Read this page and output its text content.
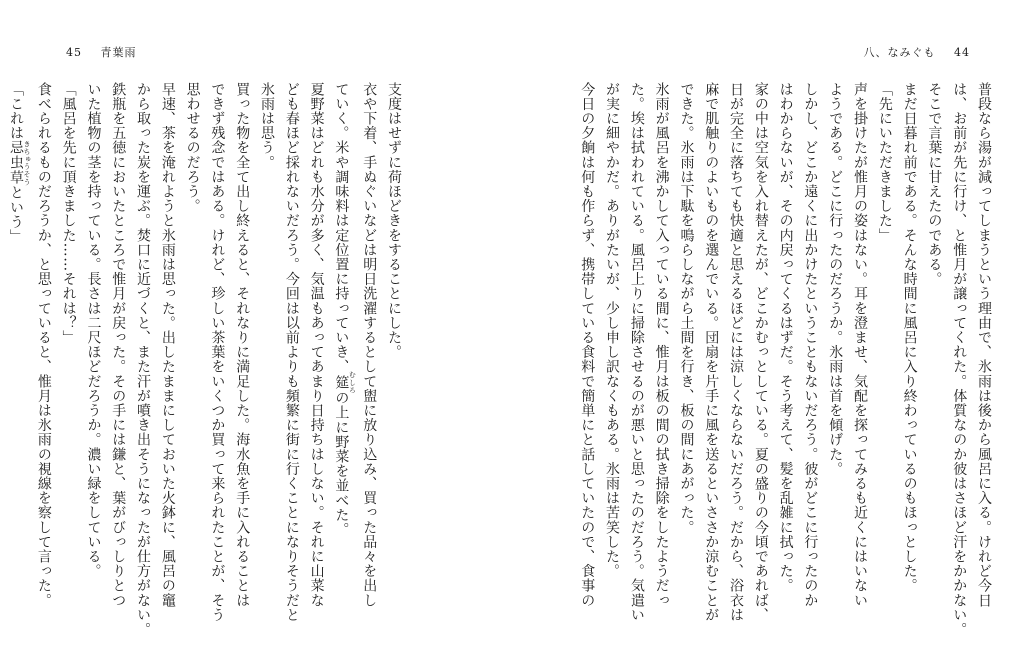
45 青葉雨
支度はせずに荷ほどきをすることにした。
衣や下着、手ぬぐいなどは明日洗濯するとして盥に放り込み、買った品々を出し
ていく。米や調味料は定位置に持っていき、筵 むしろの上に野菜を並べた。
夏野菜はどれも水分が多く、気温もあってあまり日持ちはしない。それに山菜な
ども春ほど採れないだろう。今回は以前よりも頻繁に街に行くことになりそうだと
氷雨は思う。
買った物を全て出し終えると、それなりに満足した。海水魚を手に入れることは
できず残念ではある。けれど、珍しい茶葉をいくつか買って来られたことが、そう
思わせるのだろう。
早速、茶を淹れようと氷雨は思った。出したままにしておいた火鉢に、風呂の竈
から取った炭を運ぶ。焚口に近づくと、また汗が噴き出そうになったが仕方がない。
鉄瓶を五徳においたところで惟月が戻った。その手には鎌と、葉がびっしりとつ
いた植物の茎を持っている。長さは二尺ほどだろうか。濃い緑をしている。
「風呂を先に頂きました……それは？」
食べられるものだろうか、と思っていると、惟月は氷雨の視線を察して言った。
「これは忌虫草 きちゅうそうという」
八、なみぐも 44
普段なら湯が減ってしまうという理由で、氷雨は後から風呂に入る。けれど今日
は、お前が先に行け、と惟月が譲ってくれた。体質なのか彼はさほど汗をかかない。
そこで言葉に甘えたのである。
まだ日暮れ前である。そんな時間に風呂に入り終わっているのもほっとした。
「先にいただきました」
声を掛けたが惟月の姿はない。耳を澄ませ、気配を探ってみるも近くにはいない
ようである。どこに行ったのだろうか。氷雨は首を傾げた。
しかし、どこか遠くに出かけたということもないだろう。彼がどこに行ったのか
はわからないが、その内戻ってくるはずだ。そう考えて、髪を乱雑に拭った。
家の中は空気を入れ替えたが、どこかむっとしている。夏の盛りの今頃であれば、
日が完全に落ちても快適と思えるほどには涼しくならないだろう。だから、浴衣は
麻で肌触りのよいものを選んでいる。団扇を片手に風を送るといささか涼むことが
できた。氷雨は下駄を鳴らしながら土間を行き、板の間にあがった。
氷雨が風呂を沸かして入っている間に、惟月は板の間の拭き掃除をしたようだっ
た。埃は拭われている。風呂上りに掃除させるのが悪いと思ったのだろう。気遣い
が実に細やかだ。ありがたいが、少し申し訳なくもある。氷雨は苦笑した。
今日の夕餉は何も作らず、携帯している食料で簡単にと話していたので、食事の
